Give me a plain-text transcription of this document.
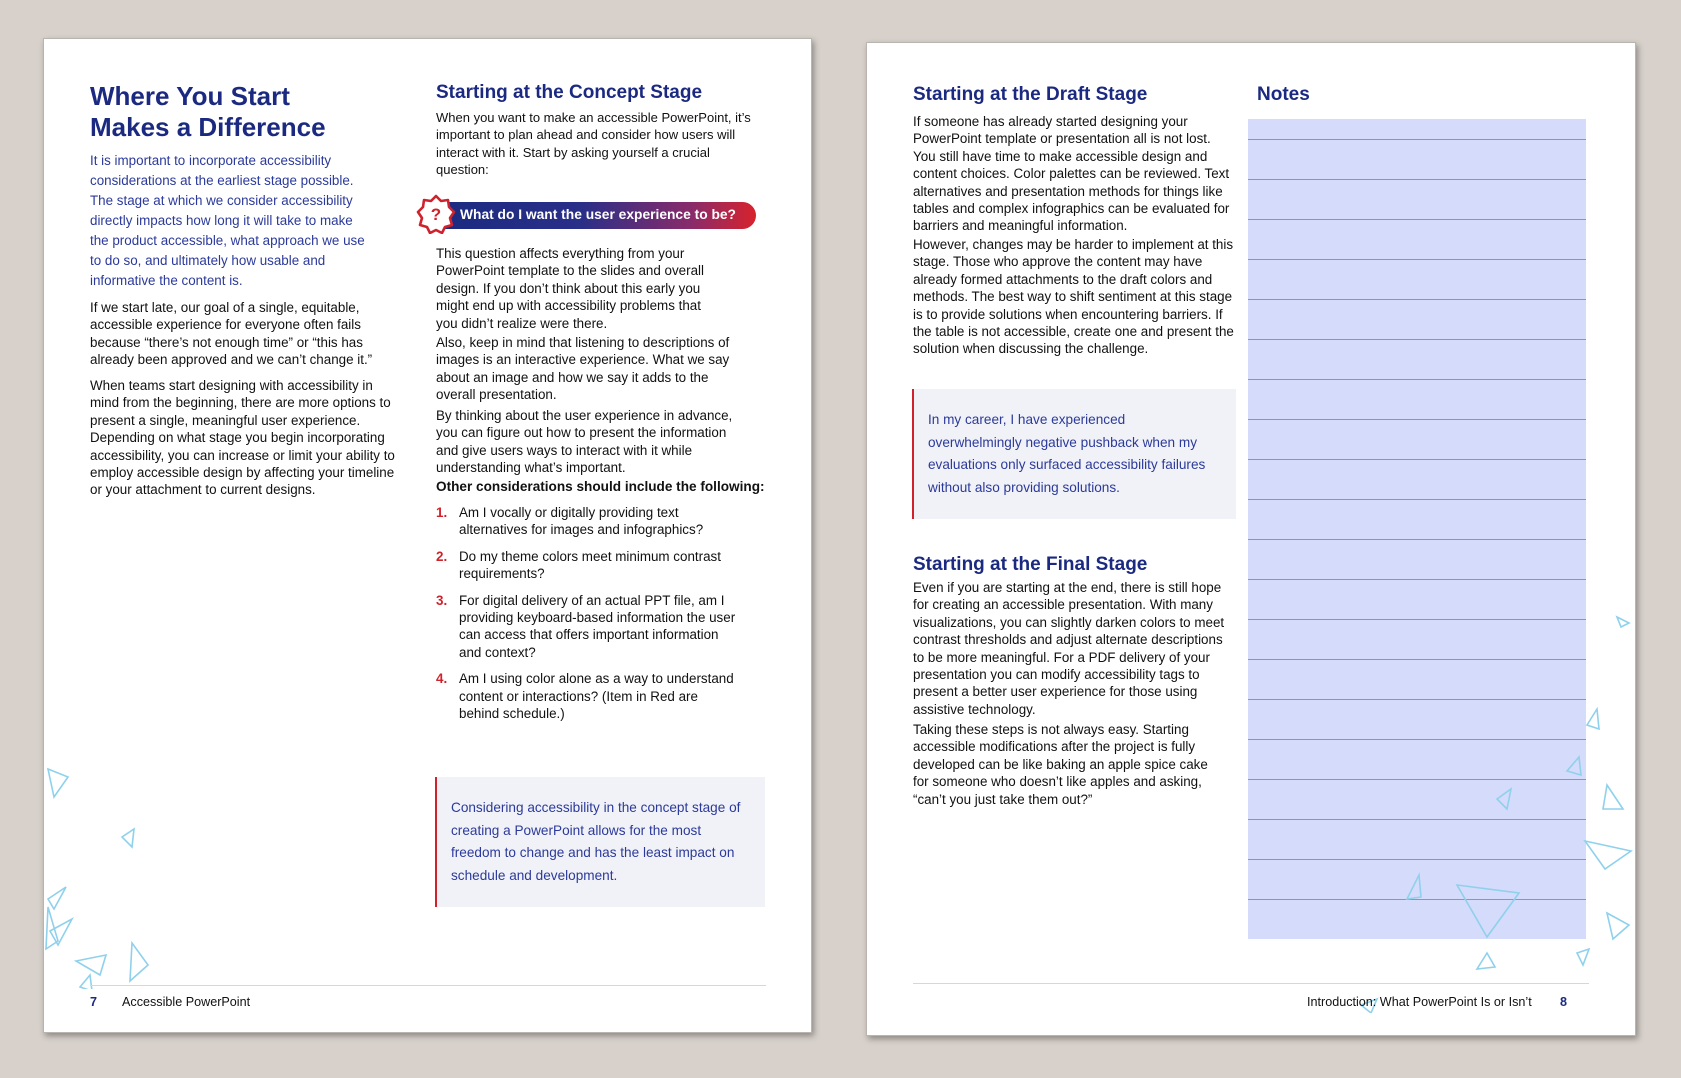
Where You Start
Makes a Difference

It is important to incorporate accessibility considerations at the earliest stage possible. The stage at which we consider accessibility directly impacts how long it will take to make the product accessible, what approach we use to do so, and ultimately how usable and informative the content is.

If we start late, our goal of a single, equitable, accessible experience for everyone often fails because “there’s not enough time” or “this has already been approved and we can’t change it.”

When teams start designing with accessibility in mind from the beginning, there are more options to present a single, meaningful user experience. Depending on what stage you begin incorporating accessibility, you can increase or limit your ability to employ accessible design by affecting your timeline or your attachment to current designs.

Starting at the Concept Stage

When you want to make an accessible PowerPoint, it’s important to plan ahead and consider how users will interact with it. Start by asking yourself a crucial question:

What do I want the user experience to be?
?

This question affects everything from your PowerPoint template to the slides and overall design. If you don’t think about this early you might end up with accessibility problems that you didn’t realize were there.

Also, keep in mind that listening to descriptions of images is an interactive experience. What we say about an image and how we say it adds to the overall presentation.

By thinking about the user experience in advance, you can figure out how to present the information and give users ways to interact with it while understanding what’s important.

Other considerations should include the following:

1. Am I vocally or digitally providing text alternatives for images and infographics?
2. Do my theme colors meet minimum contrast requirements?
3. For digital delivery of an actual PPT file, am I providing keyboard-based information the user can access that offers important information and context?
4. Am I using color alone as a way to understand content or interactions? (Item in Red are behind schedule.)

Considering accessibility in the concept stage of creating a PowerPoint allows for the most freedom to change and has the least impact on schedule and development.

7 Accessible PowerPoint
Starting at the Draft Stage

If someone has already started designing your PowerPoint template or presentation all is not lost. You still have time to make accessible design and content choices. Color palettes can be reviewed. Text alternatives and presentation methods for things like tables and complex infographics can be evaluated for barriers and meaningful information.

However, changes may be harder to implement at this stage. Those who approve the content may have already formed attachments to the draft colors and methods. The best way to shift sentiment at this stage is to provide solutions when encountering barriers. If the table is not accessible, create one and present the solution when discussing the challenge.

In my career, I have experienced overwhelmingly negative pushback when my evaluations only surfaced accessibility failures without also providing solutions.

Starting at the Final Stage

Even if you are starting at the end, there is still hope for creating an accessible presentation. With many visualizations, you can slightly darken colors to meet contrast thresholds and adjust alternate descriptions to be more meaningful. For a PDF delivery of your presentation you can modify accessibility tags to present a better user experience for those using assistive technology.

Taking these steps is not always easy. Starting accessible modifications after the project is fully developed can be like baking an apple spice cake for someone who doesn’t like apples and asking, “can’t you just take them out?”

Notes
Introduction: What PowerPoint Is or Isn’t 8
